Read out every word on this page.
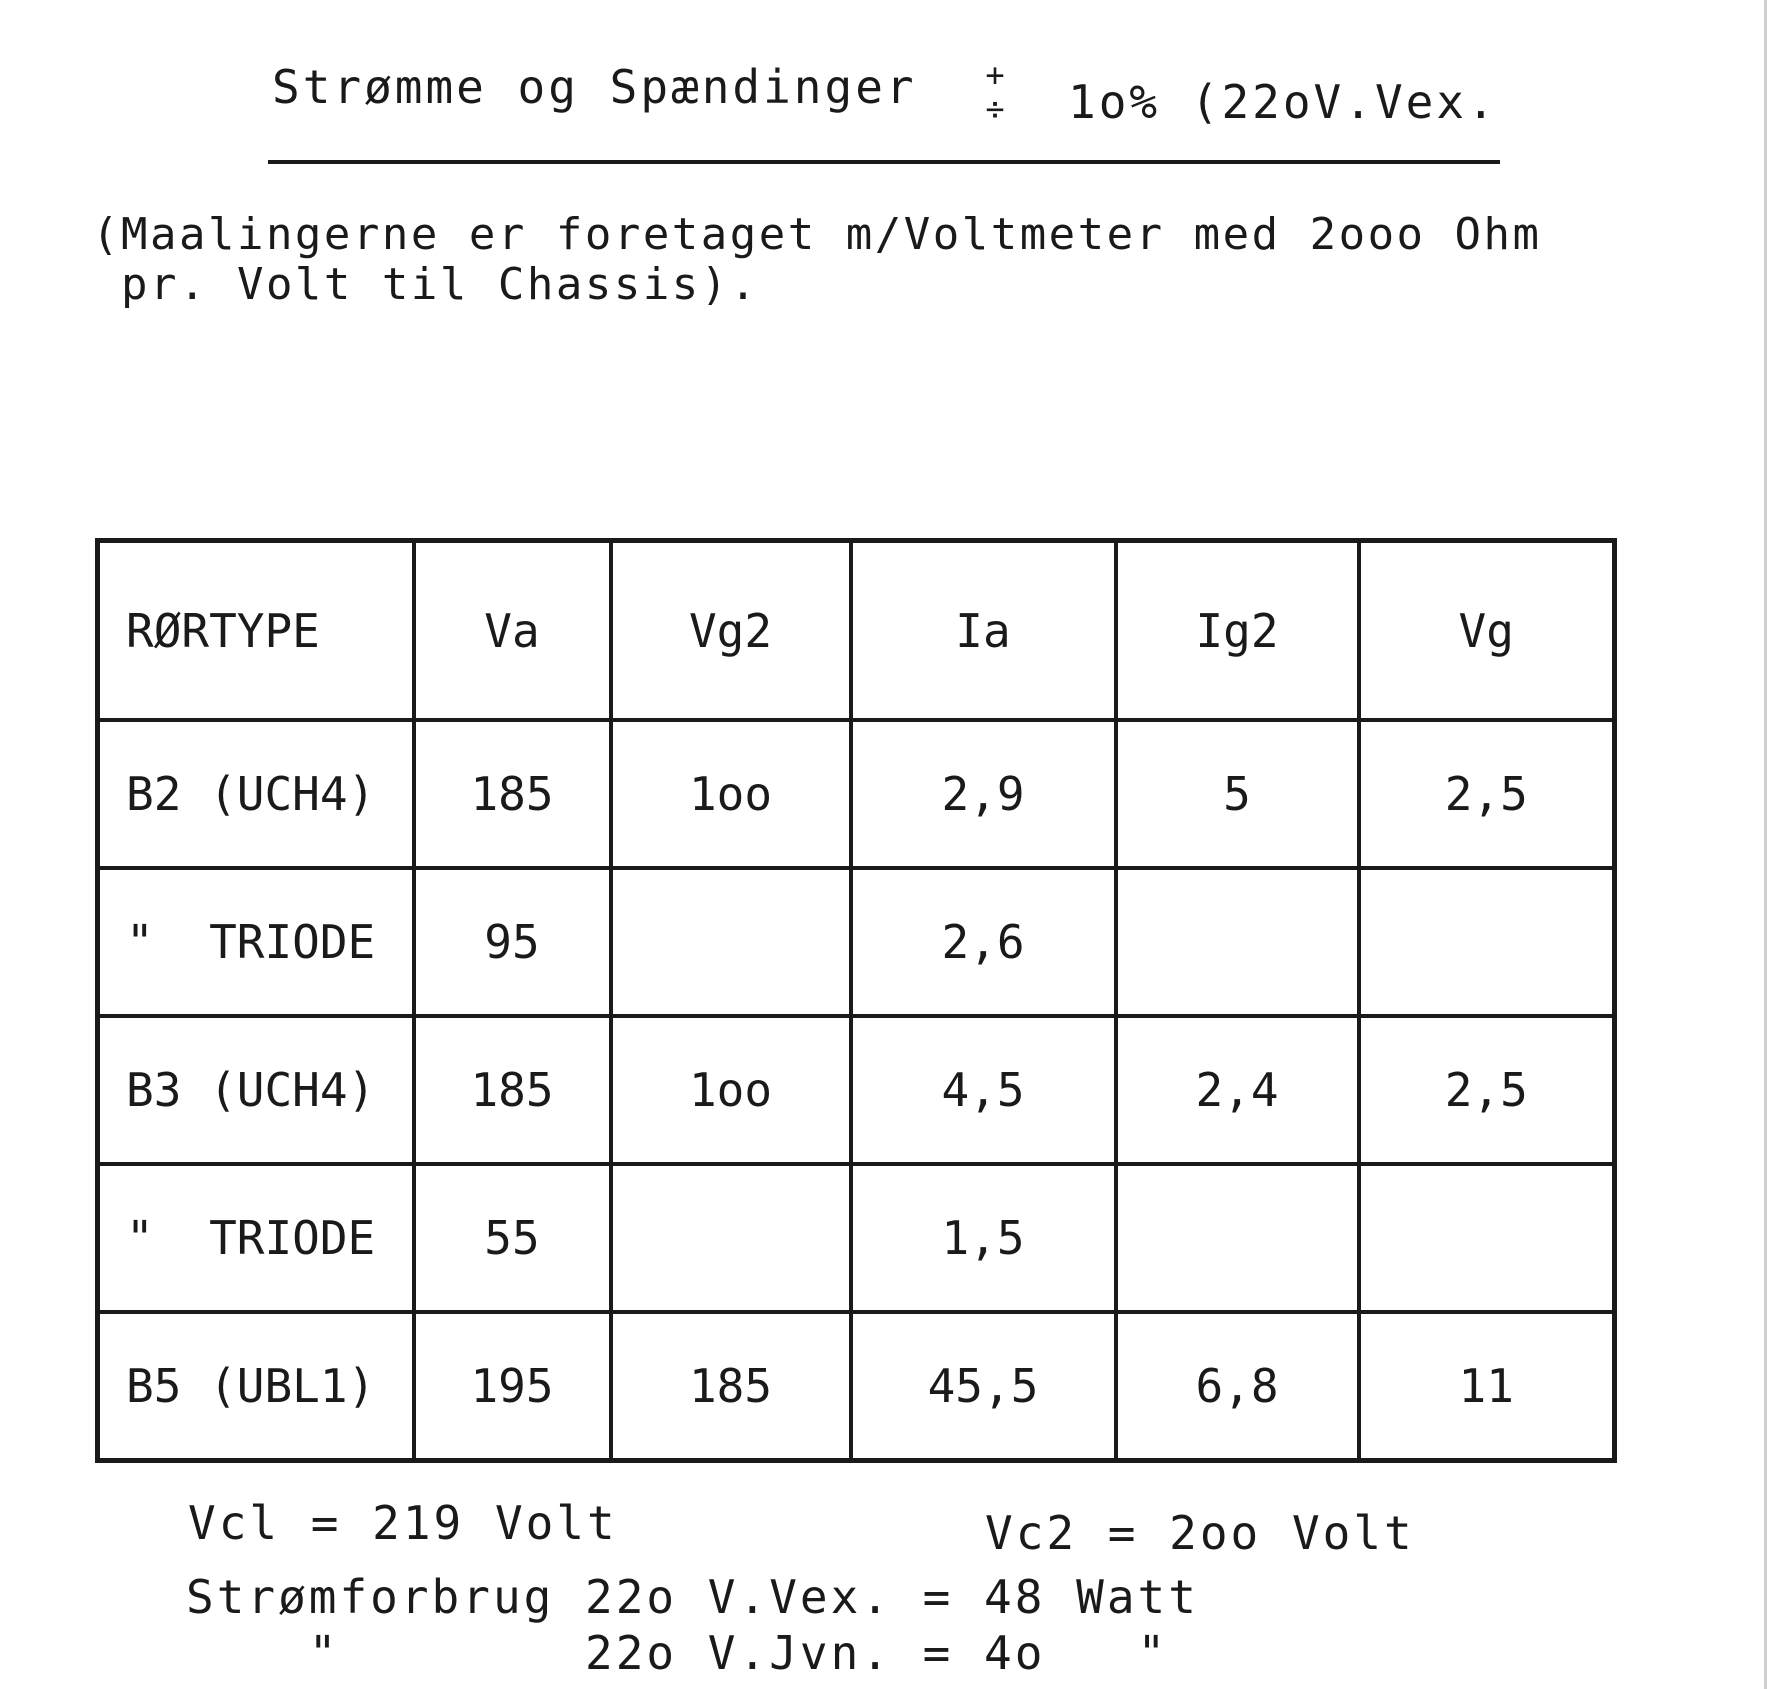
Strømme og Spændinger	+
÷ 1o% (22oV.Vex.
(Maalingerne er foretaget m/Voltmeter med 2ooo Ohm
pr. Volt til Chassis).
RØRTYPE	Va	Vg2	Ia	Ig2	Vg
B2 (UCH4)	185	1oo	2,9	5	2,5
"  TRIODE	95		2,6		
B3 (UCH4)	185	1oo	4,5	2,4	2,5
"  TRIODE	55		1,5		
B5 (UBL1)	195	185	45,5	6,8	11
Vcl = 219 Volt	Vc2 = 2oo Volt
Strømforbrug 22o V.Vex. = 48 Watt
"        22o V.Jvn. = 4o   "
